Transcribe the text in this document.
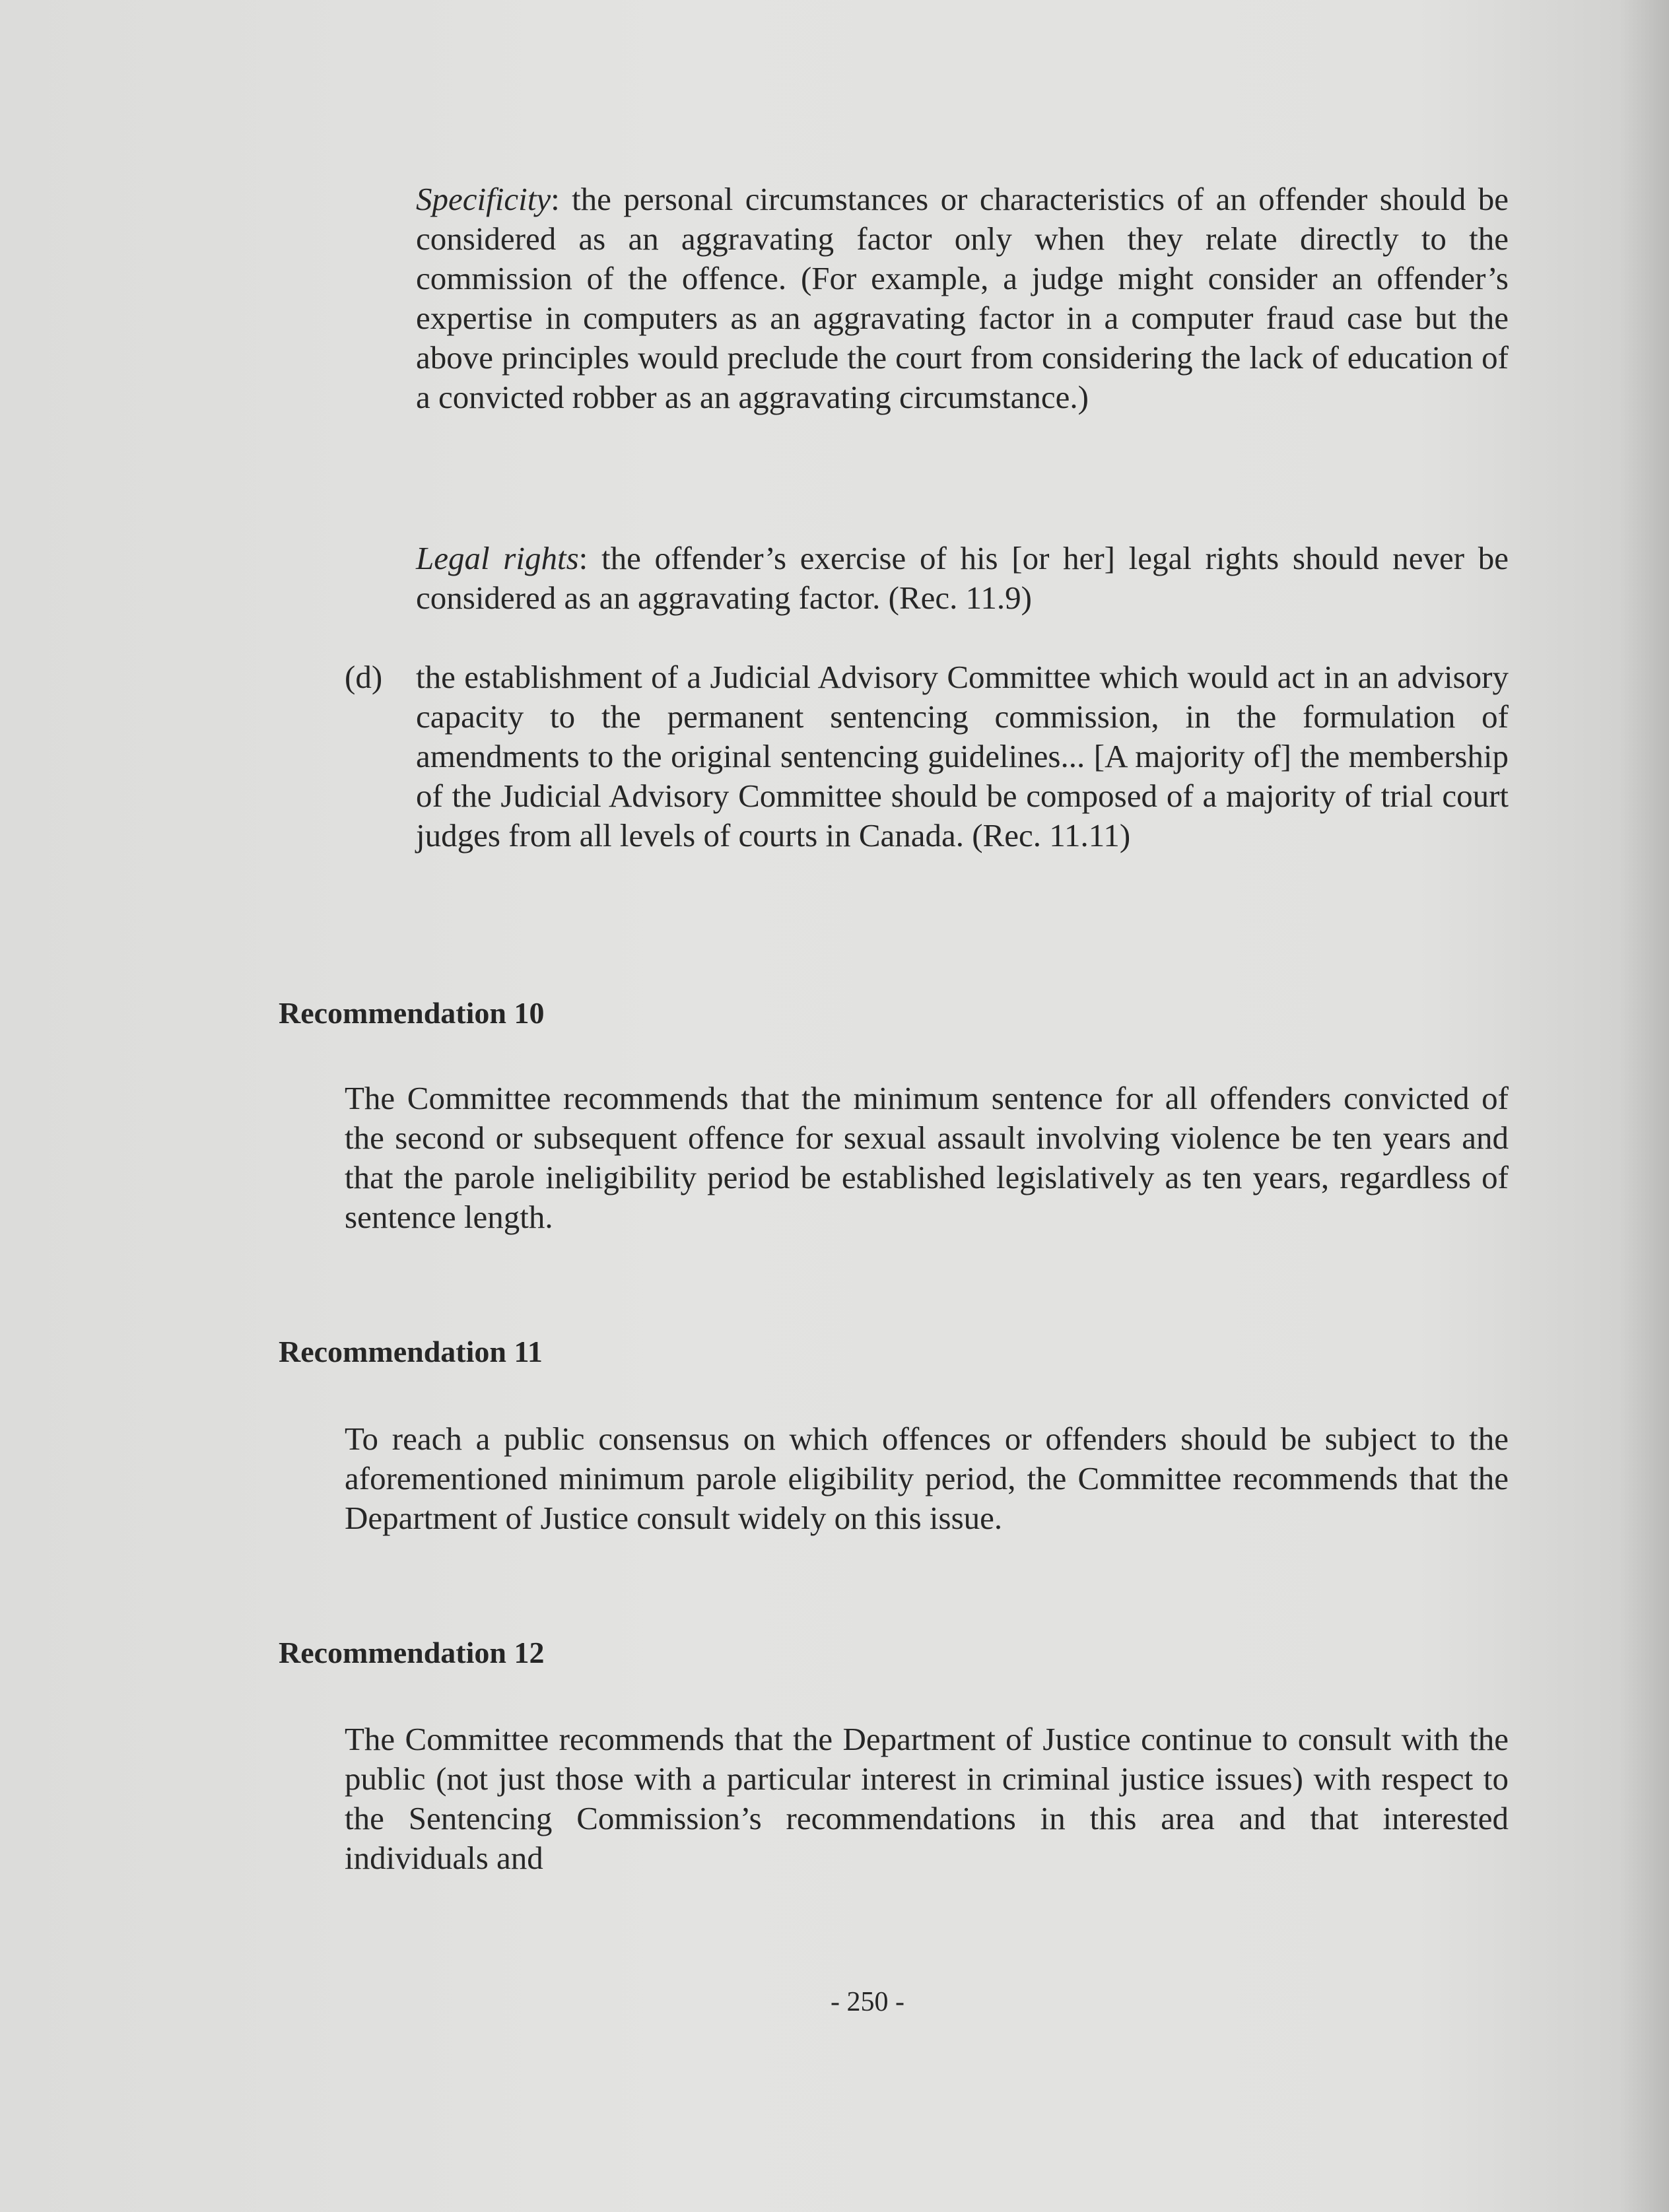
Specificity: the personal circumstances or characteristics of an offender should be considered as an aggravating factor only when they relate directly to the commission of the offence. (For example, a judge might consider an offender’s expertise in computers as an aggravating factor in a computer fraud case but the above principles would preclude the court from considering the lack of education of a convicted robber as an aggravating circumstance.)

Legal rights: the offender’s exercise of his [or her] legal rights should never be considered as an aggravating factor. (Rec. 11.9)

(d) the establishment of a Judicial Advisory Committee which would act in an advisory capacity to the permanent sentencing commission, in the formulation of amendments to the original sentencing guidelines... [A majority of] the membership of the Judicial Advisory Committee should be composed of a majority of trial court judges from all levels of courts in Canada. (Rec. 11.11)

Recommendation 10

The Committee recommends that the minimum sentence for all offenders convicted of the second or subsequent offence for sexual assault involving violence be ten years and that the parole ineligibility period be established legislatively as ten years, regardless of sentence length.

Recommendation 11

To reach a public consensus on which offences or offenders should be subject to the aforementioned minimum parole eligibility period, the Committee recommends that the Department of Justice consult widely on this issue.

Recommendation 12

The Committee recommends that the Department of Justice continue to consult with the public (not just those with a particular interest in criminal justice issues) with respect to the Sentencing Commission’s recommendations in this area and that interested individuals and

- 250 -
